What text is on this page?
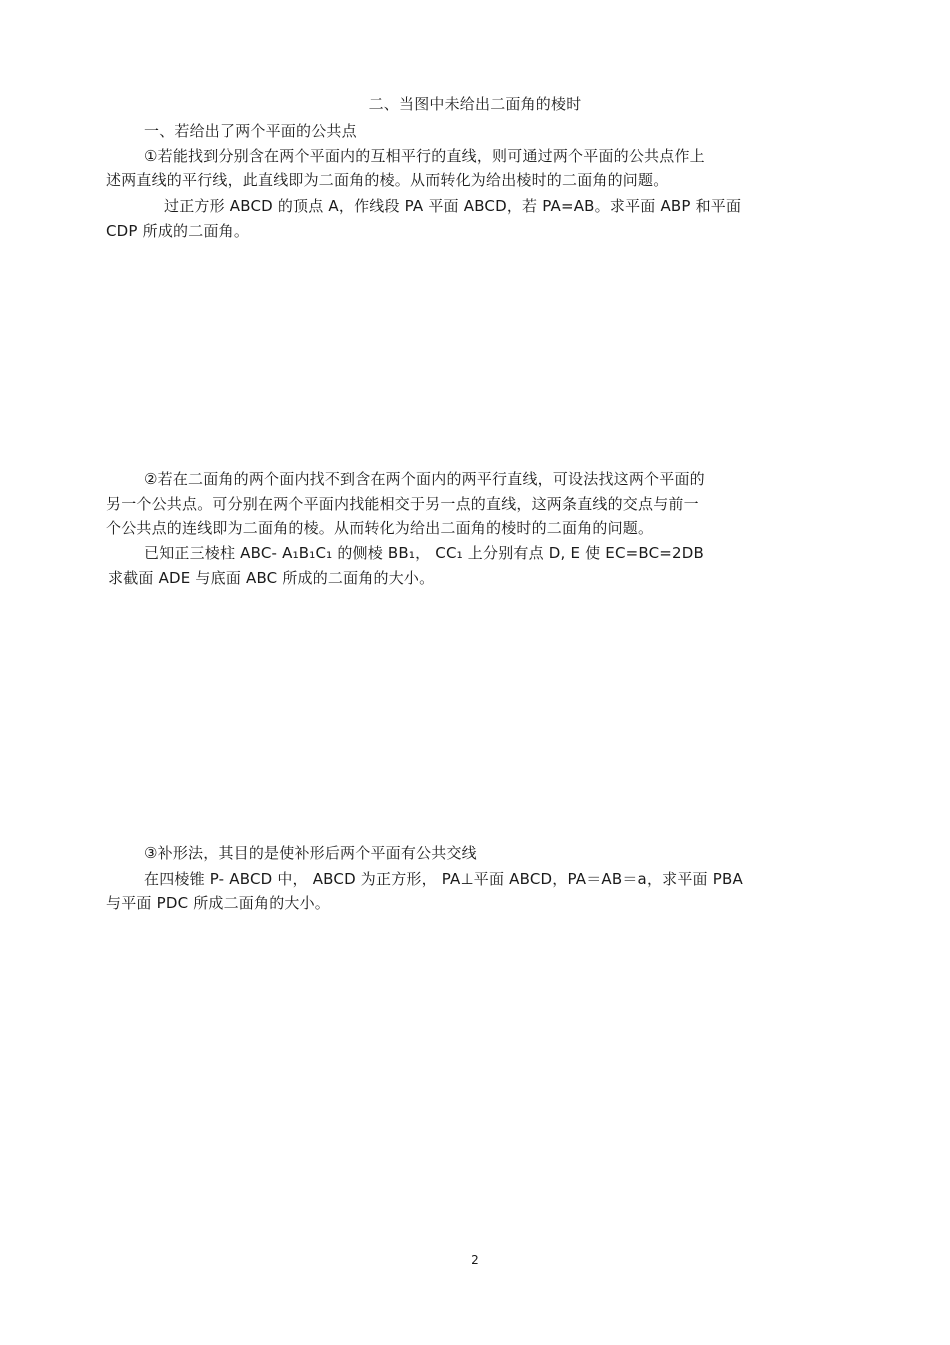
二、当图中未给出二面角的棱时
一、若给出了两个平面的公共点
①若能找到分别含在两个平面内的互相平行的直线，则可通过两个平面的公共点作上
述两直线的平行线，此直线即为二面角的棱。从而转化为给出棱时的二面角的问题。
过正方形 ABCD 的顶点 A，作线段 PA 平面 ABCD，若 PA=AB。求平面 ABP 和平面
CDP 所成的二面角。
②若在二面角的两个面内找不到含在两个面内的两平行直线，可设法找这两个平面的
另一个公共点。可分别在两个平面内找能相交于另一点的直线，这两条直线的交点与前一
个公共点的连线即为二面角的棱。从而转化为给出二面角的棱时的二面角的问题。
已知正三棱柱 ABC- A₁B₁C₁ 的侧棱 BB₁， CC₁ 上分别有点 D, E 使 EC=BC=2DB
求截面 ADE 与底面 ABC 所成的二面角的大小。
③补形法，其目的是使补形后两个平面有公共交线
在四棱锥 P- ABCD 中， ABCD 为正方形， PA⊥平面 ABCD，PA＝AB＝a，求平面 PBA
与平面 PDC 所成二面角的大小。
2
